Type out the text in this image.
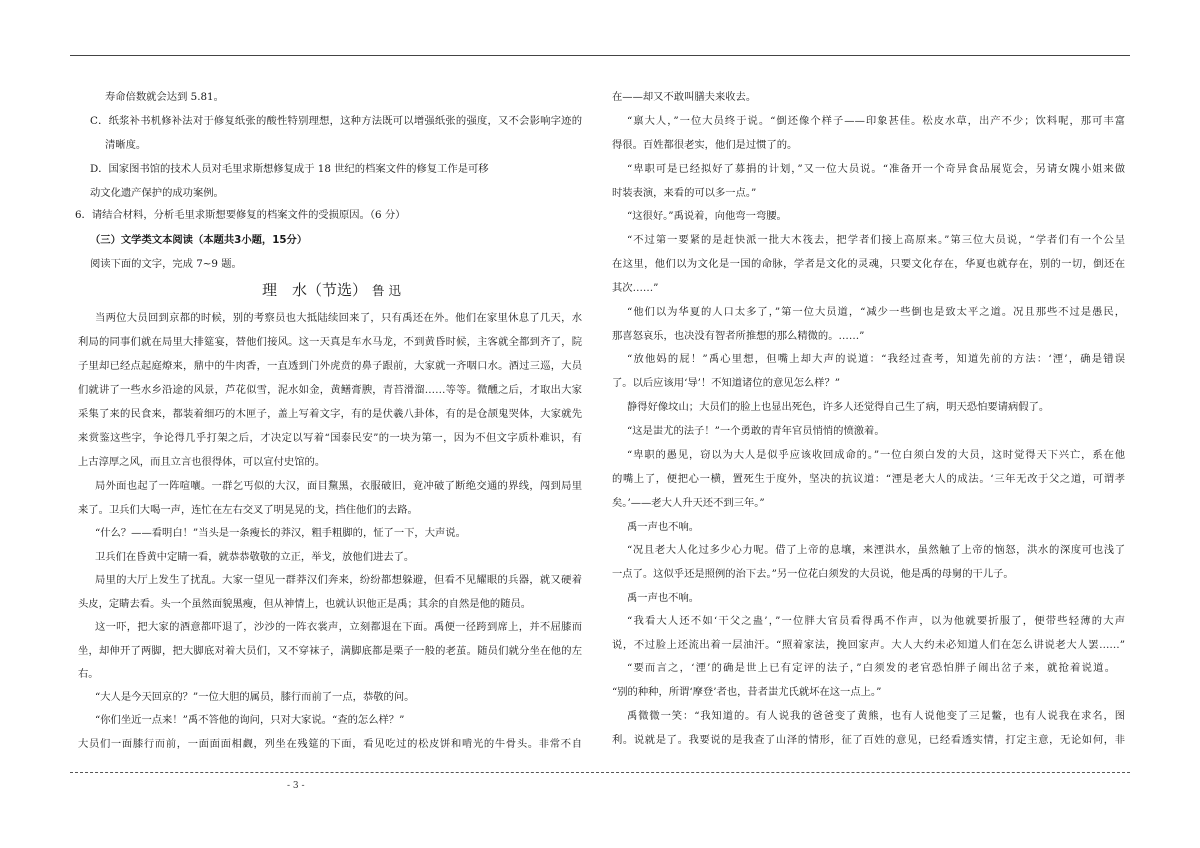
寿命倍数就会达到 5.81。
C．纸浆补书机修补法对于修复纸张的酸性特别理想，这种方法既可以增强纸张的强度，又不会影响字迹的
清晰度。
D．国家图书馆的技术人员对毛里求斯想修复成于 18 世纪的档案文件的修复工作是可移
动文化遗产保护的成功案例。
6．请结合材料，分析毛里求斯想要修复的档案文件的受损原因。（6 分）
（三）文学类文本阅读（本题共3小题，15分）
阅读下面的文字，完成 7~9 题。
理　水（节选） 鲁 迅
当两位大员回到京都的时候，别的考察员也大抵陆续回来了，只有禹还在外。他们在家里休息了几天，水
利局的同事们就在局里大排筵宴，替他们接风。这一天真是车水马龙，不到黄昏时候，主客就全都到齐了，院
子里却已经点起庭燎来，鼎中的牛肉香，一直透到门外虎贲的鼻子跟前，大家就一齐咽口水。酒过三巡，大员
们就讲了一些水乡沿途的风景，芦花似雪，泥水如金，黄鳝膏腴，青苔滑溜……等等。微醺之后，才取出大家
采集了来的民食来，都装着细巧的木匣子，盖上写着文字，有的是伏羲八卦体，有的是仓颉鬼哭体，大家就先
来赏鉴这些字，争论得几乎打架之后，才决定以写着“国泰民安”的一块为第一，因为不但文字质朴难识，有
上古淳厚之风，而且立言也很得体，可以宣付史馆的。
局外面也起了一阵喧嚷。一群乞丐似的大汉，面目黧黑，衣服破旧，竟冲破了断绝交通的界线，闯到局里
来了。卫兵们大喝一声，连忙在左右交叉了明晃晃的戈，挡住他们的去路。
“什么？——看明白！”当头是一条瘦长的莽汉，粗手粗脚的，怔了一下，大声说。
卫兵们在昏黄中定睛一看，就恭恭敬敬的立正，举戈，放他们进去了。
局里的大厅上发生了扰乱。大家一望见一群莽汉们奔来，纷纷都想躲避，但看不见耀眼的兵器，就又硬着
头皮，定睛去看。头一个虽然面貌黑瘦，但从神情上，也就认识他正是禹；其余的自然是他的随员。
这一吓，把大家的酒意都吓退了，沙沙的一阵衣裳声，立刻都退在下面。禹便一径跨到席上，并不屈膝而
坐，却伸开了两脚，把大脚底对着大员们，又不穿袜子，满脚底都是栗子一般的老茧。随员们就分坐在他的左
右。
“大人是今天回京的？”一位大胆的属员，膝行而前了一点，恭敬的问。
“你们坐近一点来！”禹不答他的询问，只对大家说。“查的怎么样？”
大员们一面膝行而前，一面面面相觑，列坐在残筵的下面，看见吃过的松皮饼和啃光的牛骨头。非常不自
在——却又不敢叫膳夫来收去。
“禀大人，”一位大员终于说。“倒还像个样子——印象甚佳。松皮水草，出产不少；饮料呢，那可丰富
得很。百姓都很老实，他们是过惯了的。
“卑职可是已经拟好了募捐的计划，”又一位大员说。“准备开一个奇异食品展览会，另请女隗小姐来做
时装表演，来看的可以多一点。”
“这很好。”禹说着，向他弯一弯腰。
“不过第一要紧的是赶快派一批大木筏去，把学者们接上高原来。”第三位大员说，“学者们有一个公呈
在这里，他们以为文化是一国的命脉，学者是文化的灵魂，只要文化存在，华夏也就存在，别的一切，倒还在
其次……”
“他们以为华夏的人口太多了，”第一位大员道，“减少一些倒也是致太平之道。况且那些不过是愚民，
那喜怒哀乐，也决没有智者所推想的那么精微的。……”
“放他妈的屁！”禹心里想，但嘴上却大声的说道：“我经过查考，知道先前的方法：‘湮’，确是错误
了。以后应该用‘导’！不知道诸位的意见怎么样？”
静得好像坟山；大员们的脸上也显出死色，许多人还觉得自己生了病，明天恐怕要请病假了。
“这是蚩尤的法子！”一个勇敢的青年官员悄悄的愤激着。
“卑职的愚见，窃以为大人是似乎应该收回成命的。”一位白须白发的大员，这时觉得天下兴亡，系在他
的嘴上了，便把心一横，置死生于度外，坚决的抗议道：“湮是老大人的成法。‘三年无改于父之道，可谓孝
矣。’——老大人升天还不到三年。”
禹一声也不响。
“况且老大人化过多少心力呢。借了上帝的息壤，来湮洪水，虽然触了上帝的恼怒，洪水的深度可也浅了
一点了。这似乎还是照例的治下去。”另一位花白须发的大员说，他是禹的母舅的干儿子。
禹一声也不响。
“我看大人还不如‘干父之蛊’，”一位胖大官员看得禹不作声，以为他就要折服了，便带些轻薄的大声
说，不过脸上还流出着一层油汗。“照着家法，挽回家声。大人大约未必知道人们在怎么讲说老大人罢……”
“要而言之，‘湮’的确是世上已有定评的法子，”白须发的老官恐怕胖子闹出岔子来，就抢着说道。
“别的种种，所谓‘摩登’者也，昔者蚩尤氏就坏在这一点上。”
禹微微一笑：“我知道的。有人说我的爸爸变了黄熊，也有人说他变了三足鳖，也有人说我在求名，图
利。说就是了。我要说的是我查了山泽的情形，征了百姓的意见，已经看透实情，打定主意，无论如何，非
- 3 -
